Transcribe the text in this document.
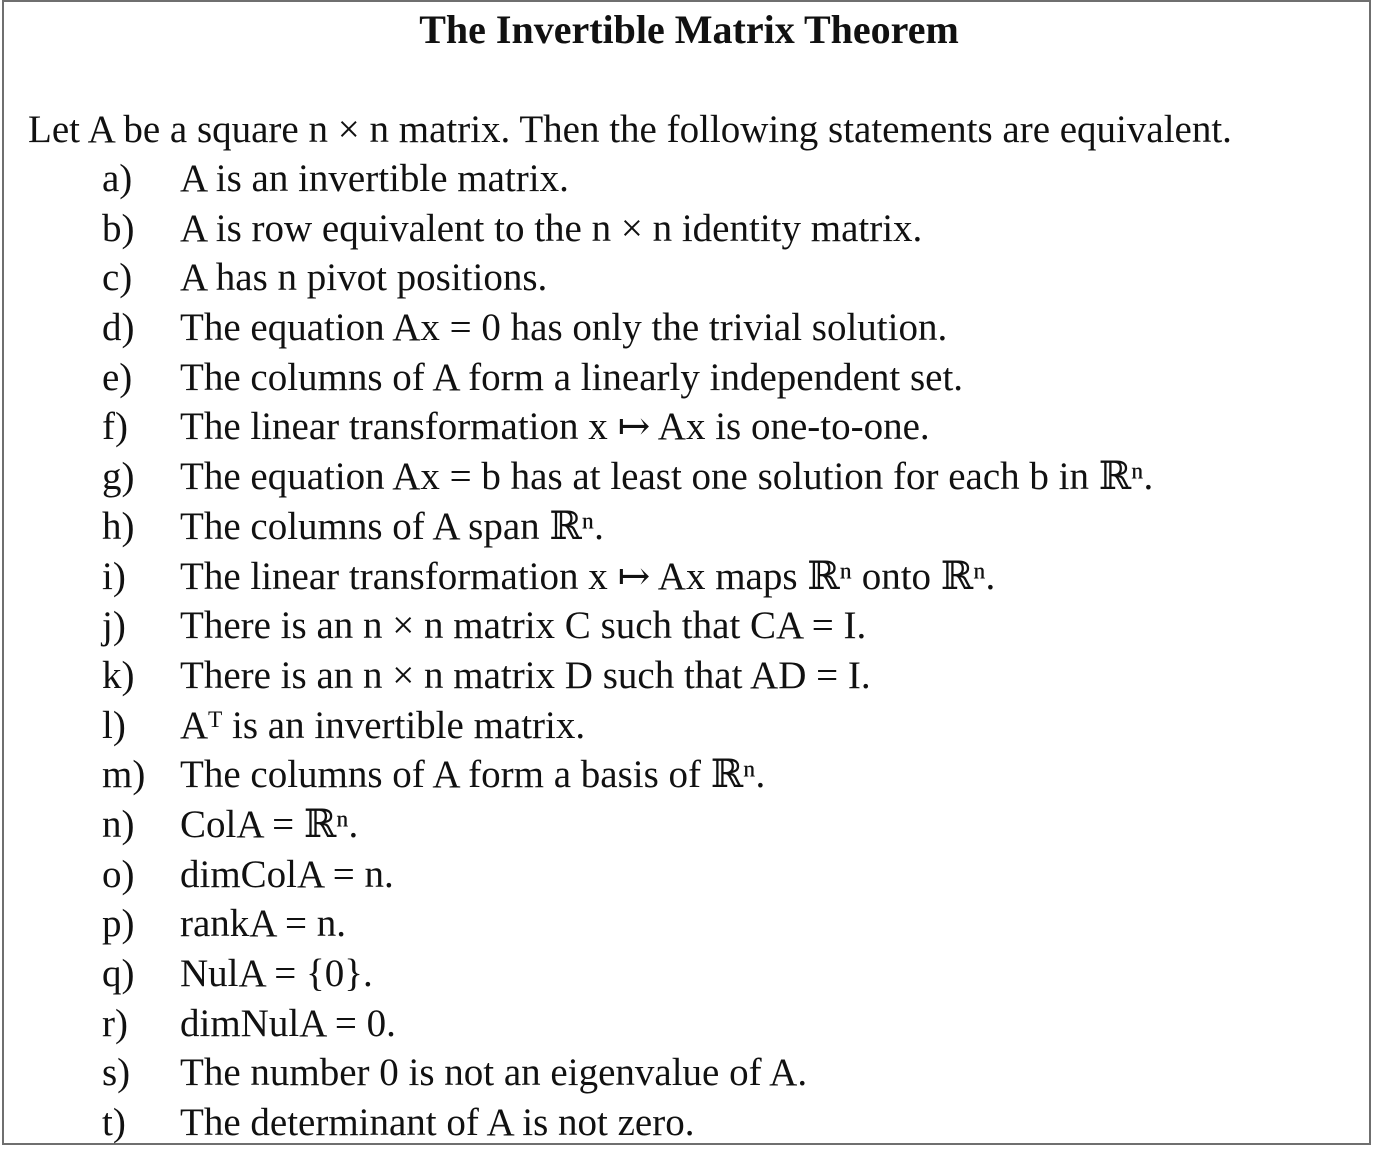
The Invertible Matrix Theorem
Let A be a square n × n matrix. Then the following statements are equivalent.
a) A is an invertible matrix.
b) A is row equivalent to the n × n identity matrix.
c) A has n pivot positions.
d) The equation Ax = 0 has only the trivial solution.
e) The columns of A form a linearly independent set.
f) The linear transformation x ↦ Ax is one-to-one.
g) The equation Ax = b has at least one solution for each b in ℝⁿ.
h) The columns of A span ℝⁿ.
i) The linear transformation x ↦ Ax maps ℝⁿ onto ℝⁿ.
j) There is an n × n matrix C such that CA = I.
k) There is an n × n matrix D such that AD = I.
l) Aᵀ is an invertible matrix.
m) The columns of A form a basis of ℝⁿ.
n) ColA = ℝⁿ.
o) dimColA = n.
p) rankA = n.
q) NulA = {0}.
r) dimNulA = 0.
s) The number 0 is not an eigenvalue of A.
t) The determinant of A is not zero.
